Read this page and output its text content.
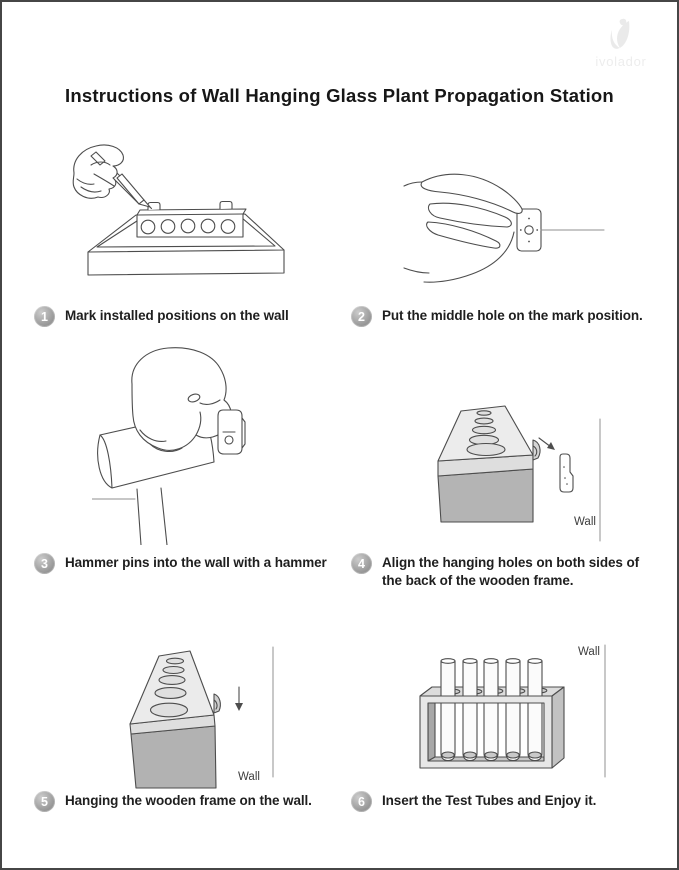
ivolador
Instructions of Wall Hanging Glass Plant Propagation Station
1	Mark installed positions on the wall	2	Put the middle hole on the mark position.
Wall
3	Hammer pins into the wall with a hammer	4	Align the hanging holes on both sides of
the back of the wooden frame.
Wall
Wall
5	Hanging the wooden frame on the wall.	6	Insert the Test Tubes and Enjoy it.
